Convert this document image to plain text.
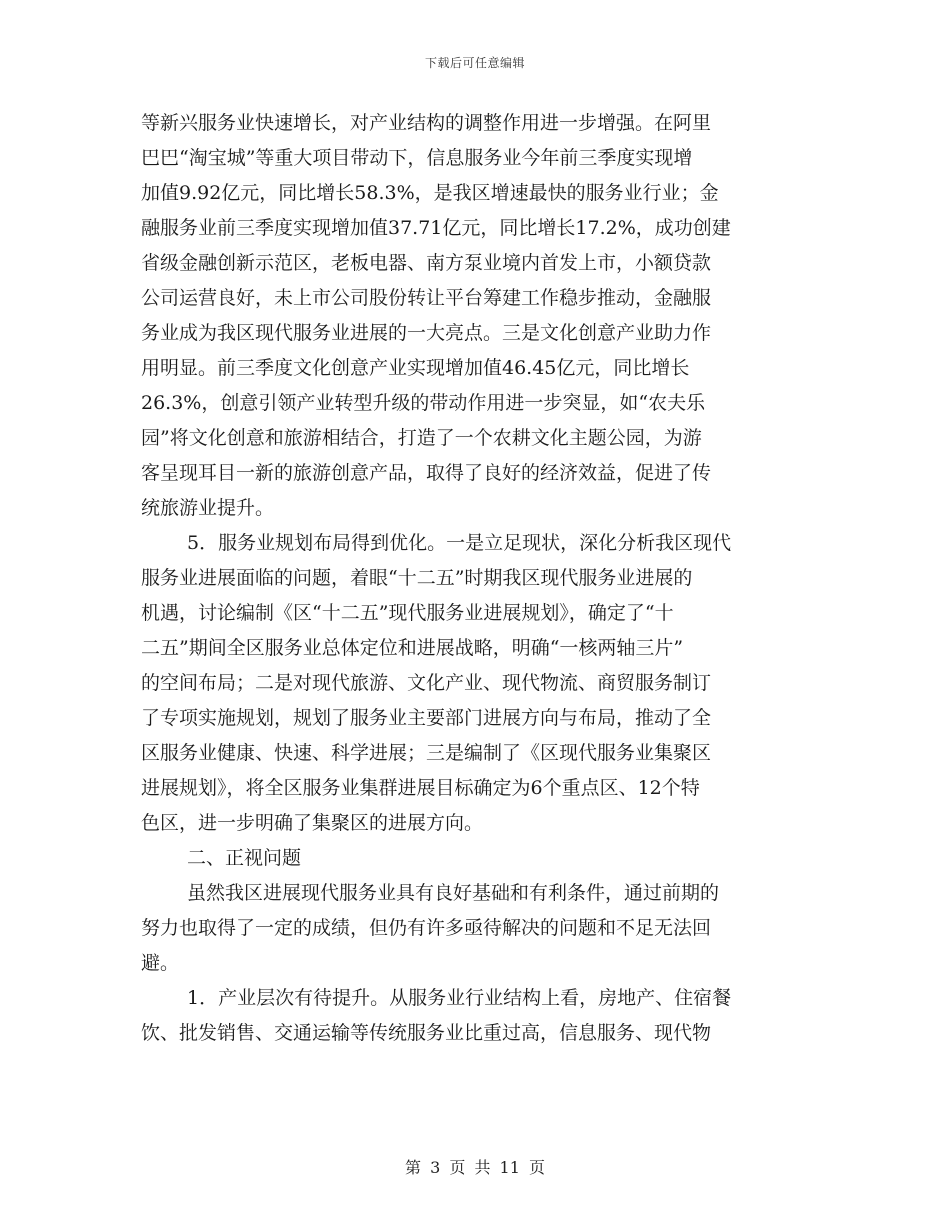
下载后可任意编辑
等新兴服务业快速增长，对产业结构的调整作用进一步增强。在阿里
巴巴“淘宝城”等重大项目带动下，信息服务业今年前三季度实现增
加值9.92亿元，同比增长58.3%，是我区增速最快的服务业行业；金
融服务业前三季度实现增加值37.71亿元，同比增长17.2%，成功创建
省级金融创新示范区，老板电器、南方泵业境内首发上市，小额贷款
公司运营良好，未上市公司股份转让平台筹建工作稳步推动，金融服
务业成为我区现代服务业进展的一大亮点。三是文化创意产业助力作
用明显。前三季度文化创意产业实现增加值46.45亿元，同比增长
26.3%，创意引领产业转型升级的带动作用进一步突显，如“农夫乐
园”将文化创意和旅游相结合，打造了一个农耕文化主题公园，为游
客呈现耳目一新的旅游创意产品，取得了良好的经济效益，促进了传
统旅游业提升。
5．服务业规划布局得到优化。一是立足现状，深化分析我区现代
服务业进展面临的问题，着眼“十二五”时期我区现代服务业进展的
机遇，讨论编制《区“十二五”现代服务业进展规划》，确定了“十
二五”期间全区服务业总体定位和进展战略，明确“一核两轴三片”
的空间布局；二是对现代旅游、文化产业、现代物流、商贸服务制订
了专项实施规划，规划了服务业主要部门进展方向与布局，推动了全
区服务业健康、快速、科学进展；三是编制了《区现代服务业集聚区
进展规划》，将全区服务业集群进展目标确定为6个重点区、12个特
色区，进一步明确了集聚区的进展方向。
二、正视问题
虽然我区进展现代服务业具有良好基础和有利条件，通过前期的
努力也取得了一定的成绩，但仍有许多亟待解决的问题和不足无法回
避。
1．产业层次有待提升。从服务业行业结构上看，房地产、住宿餐
饮、批发销售、交通运输等传统服务业比重过高，信息服务、现代物
第 3 页 共 11 页
